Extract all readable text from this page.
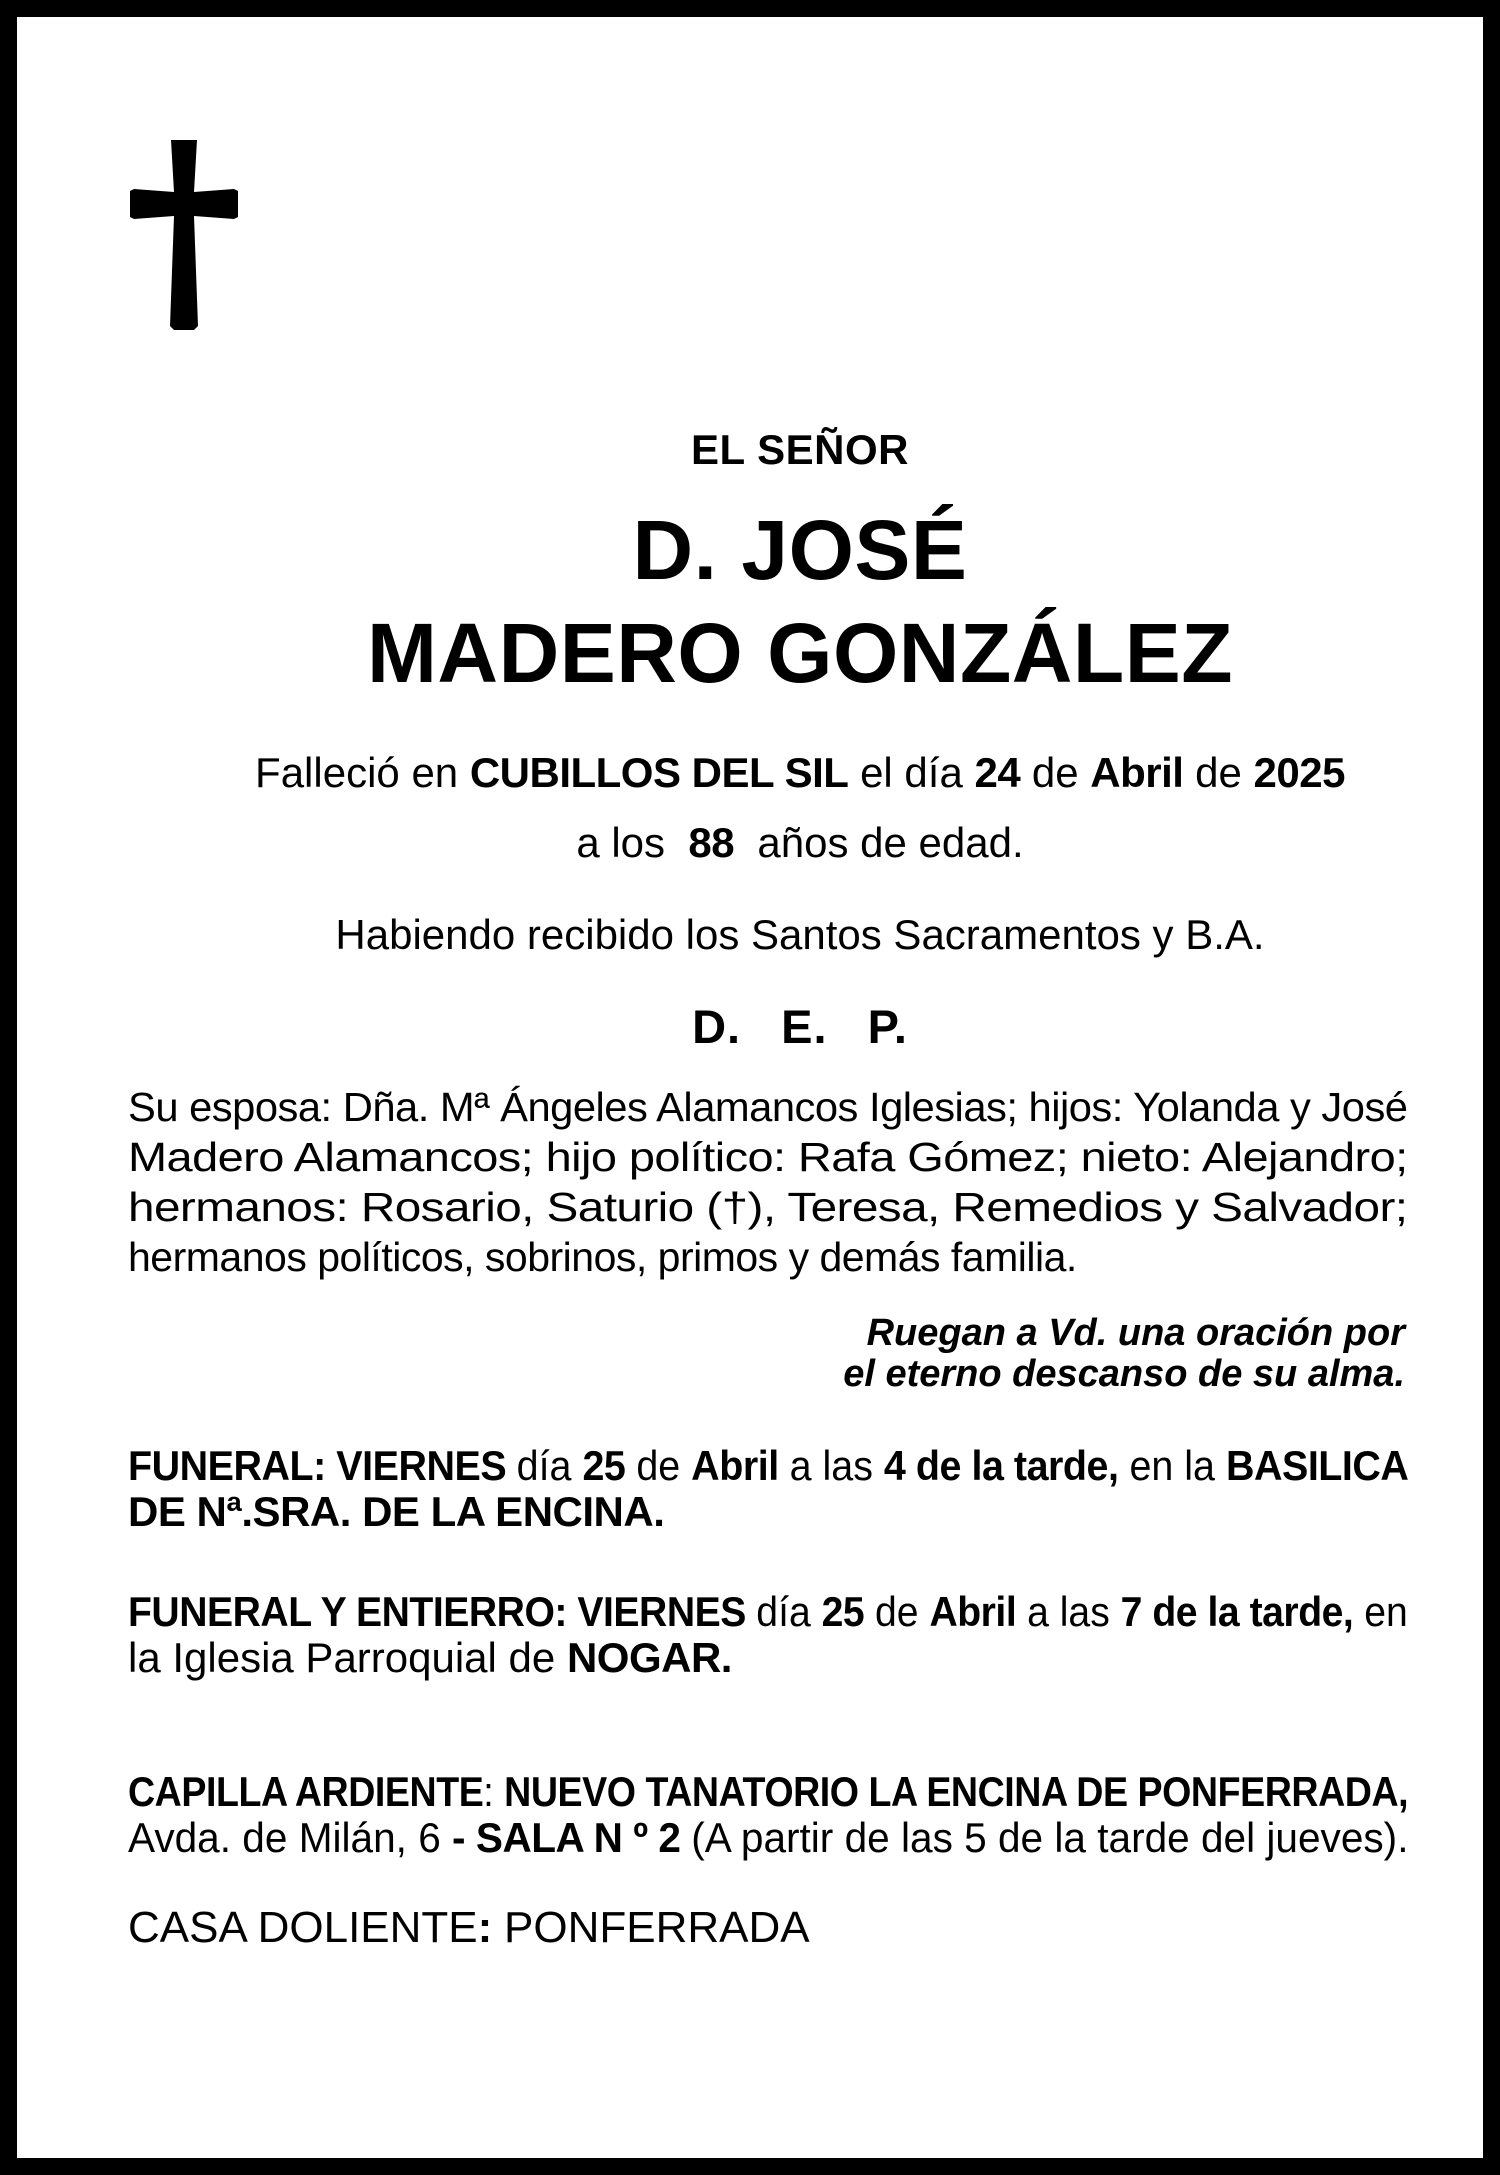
EL SEÑOR
D. JOSÉ
MADERO GONZÁLEZ
Falleció en CUBILLOS DEL SIL el día 24 de Abril de 2025
a los  88  años de edad.
Habiendo recibido los Santos Sacramentos y B.A.
D. E. P.
Su esposa: Dña. Mª Ángeles Alamancos Iglesias; hijos: Yolanda y José
Madero Alamancos; hijo político: Rafa Gómez; nieto: Alejandro;
hermanos: Rosario, Saturio (†), Teresa, Remedios y Salvador;
hermanos políticos, sobrinos, primos y demás familia.
Ruegan a Vd. una oración por
el eterno descanso de su alma.
FUNERAL: VIERNES día 25 de Abril a las 4 de la tarde, en la BASILICA
DE Nª.SRA. DE LA ENCINA.
FUNERAL Y ENTIERRO: VIERNES día 25 de Abril a las 7 de la tarde, en
la Iglesia Parroquial de NOGAR.
CAPILLA ARDIENTE: NUEVO TANATORIO LA ENCINA DE PONFERRADA,
Avda. de Milán, 6 - SALA N º 2 (A partir de las 5 de la tarde del jueves).
CASA DOLIENTE: PONFERRADA
